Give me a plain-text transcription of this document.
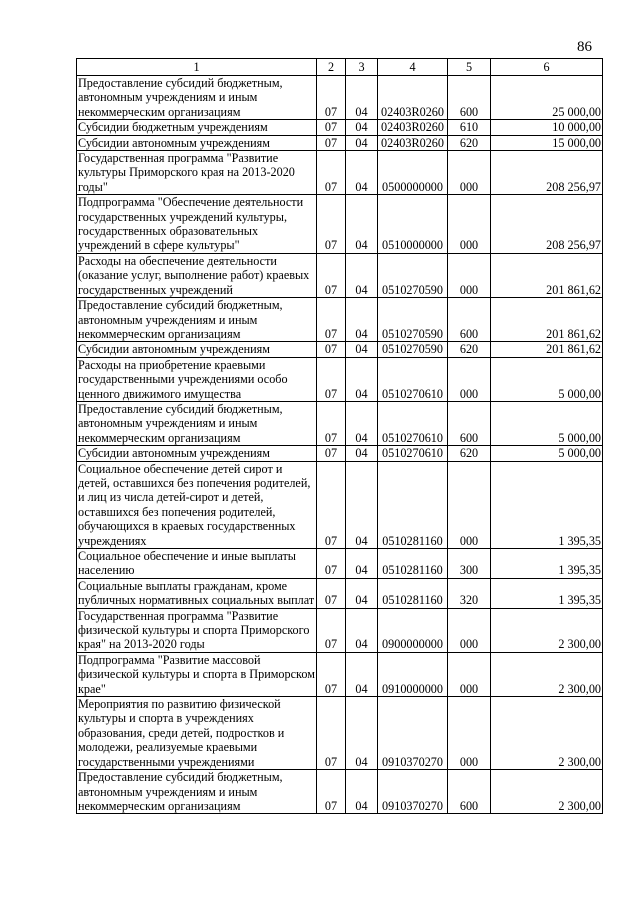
86
1	2	3	4	5	6
Предоставление субсидий бюджетным, автономным учреждениям и иным некоммерческим организациям	07	04	02403R0260	600	25 000,00
Субсидии бюджетным учреждениям	07	04	02403R0260	610	10 000,00
Субсидии автономным учреждениям	07	04	02403R0260	620	15 000,00
Государственная программа "Развитие культуры Приморского края на 2013-2020 годы"	07	04	0500000000	000	208 256,97
Подпрограмма "Обеспечение деятельности государственных учреждений культуры, государственных образовательных учреждений в сфере культуры"	07	04	0510000000	000	208 256,97
Расходы на обеспечение деятельности (оказание услуг, выполнение работ) краевых государственных учреждений	07	04	0510270590	000	201 861,62
Предоставление субсидий бюджетным, автономным учреждениям и иным некоммерческим организациям	07	04	0510270590	600	201 861,62
Субсидии автономным учреждениям	07	04	0510270590	620	201 861,62
Расходы на приобретение краевыми государственными учреждениями особо ценного движимого имущества	07	04	0510270610	000	5 000,00
Предоставление субсидий бюджетным, автономным учреждениям и иным некоммерческим организациям	07	04	0510270610	600	5 000,00
Субсидии автономным учреждениям	07	04	0510270610	620	5 000,00
Социальное обеспечение детей сирот и детей, оставшихся без попечения родителей, и лиц из числа детей-сирот и детей, оставшихся без попечения родителей, обучающихся в краевых государственных учреждениях	07	04	0510281160	000	1 395,35
Социальное обеспечение и иные выплаты населению	07	04	0510281160	300	1 395,35
Социальные выплаты гражданам, кроме публичных нормативных социальных выплат	07	04	0510281160	320	1 395,35
Государственная программа "Развитие физической культуры и спорта Приморского края" на 2013-2020 годы	07	04	0900000000	000	2 300,00
Подпрограмма "Развитие массовой физической культуры и спорта в Приморском крае"	07	04	0910000000	000	2 300,00
Мероприятия по развитию физической культуры и спорта в учреждениях образования, среди детей, подростков и молодежи, реализуемые краевыми государственными учреждениями	07	04	0910370270	000	2 300,00
Предоставление субсидий бюджетным, автономным учреждениям и иным некоммерческим организациям	07	04	0910370270	600	2 300,00
